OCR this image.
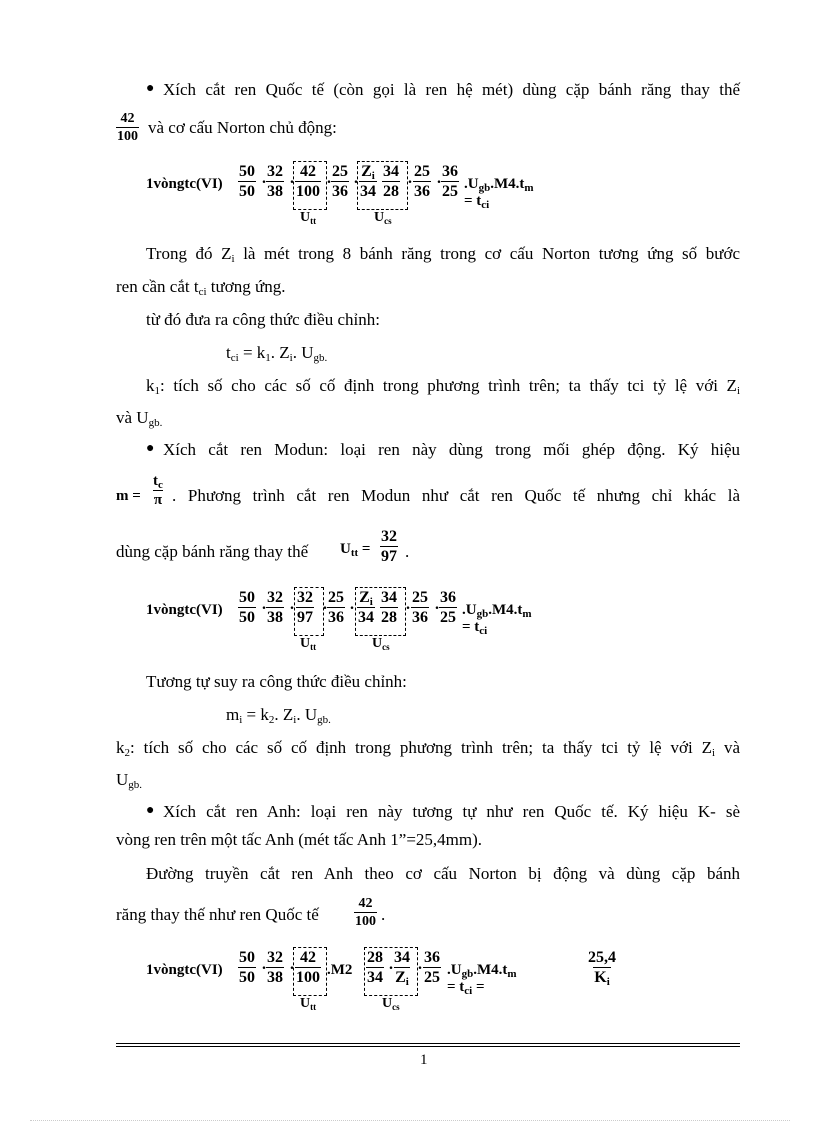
● Xích cắt ren Quốc tế (còn gọi là ren hệ mét) dùng cặp bánh răng thay thế
$\frac{42}{100}$ và cơ cấu Norton chủ động:
1vòngtc(VI)
50
50
. 32
38
. 42
100
. 25
36
. $Z_i$
34
34
28
. 25
36
. 36
25 $.U_{gb}.M4.t_m = t_{ci}$
$U_{tt}$	$U_{cs}$
Trong đó $Z_i$ là mét trong 8 bánh răng trong cơ cấu Norton tương ứng số bước
ren cần cắt $t_{ci}$ tương ứng.
từ đó đưa ra công thức điều chỉnh:
$t_{ci} = k_1$. $Z_i$. $U_{gb.}$
$k_1$: tích số cho các số cố định trong phương trình trên; ta thấy tci tỷ lệ với $Z_i$
và $U_{gb.}$
● Xích cắt ren Modun: loại ren này dùng trong mối ghép động. Ký hiệu
m =
$t_c$
π . Phương trình cắt ren Modun như cắt ren Quốc tế nhưng chỉ khác là
dùng cặp bánh răng thay thế	$U_{tt}$ =
32
97 .
1vòngtc(VI)
50
50
. 32
38
. 32
97
. 25
36
. $Z_i$
34
34
28
. 25
36
. 36
25 $.U_{gb}.M4.t_m = t_{ci}$
$U_{tt}$	$U_{cs}$
Tương tự suy ra công thức điều chỉnh:
$m_i = k_2$. $Z_i$. $U_{gb.}$
$k_2$: tích số cho các số cố định trong phương trình trên; ta thấy tci tỷ lệ với $Z_i$ và
$U_{gb.}$
● Xích cắt ren Anh: loại ren này tương tự như ren Quốc tế. Ký hiệu K- sè
vòng ren trên một tấc Anh (mét tấc Anh 1”=25,4mm).
Đường truyền cắt ren Anh theo cơ cấu Norton bị động và dùng cặp bánh
răng thay thế như ren Quốc tế
42
100 .
1vòngtc(VI)
50
50
. 32
38
. 42
100 .M2
28
34
. 34
$Z_i$
. 36
25 $.U_{gb}.M4.t_m = t_{ci}$ =
25,4
$K_i$
$U_{tt}$	$U_{cs}$
1
